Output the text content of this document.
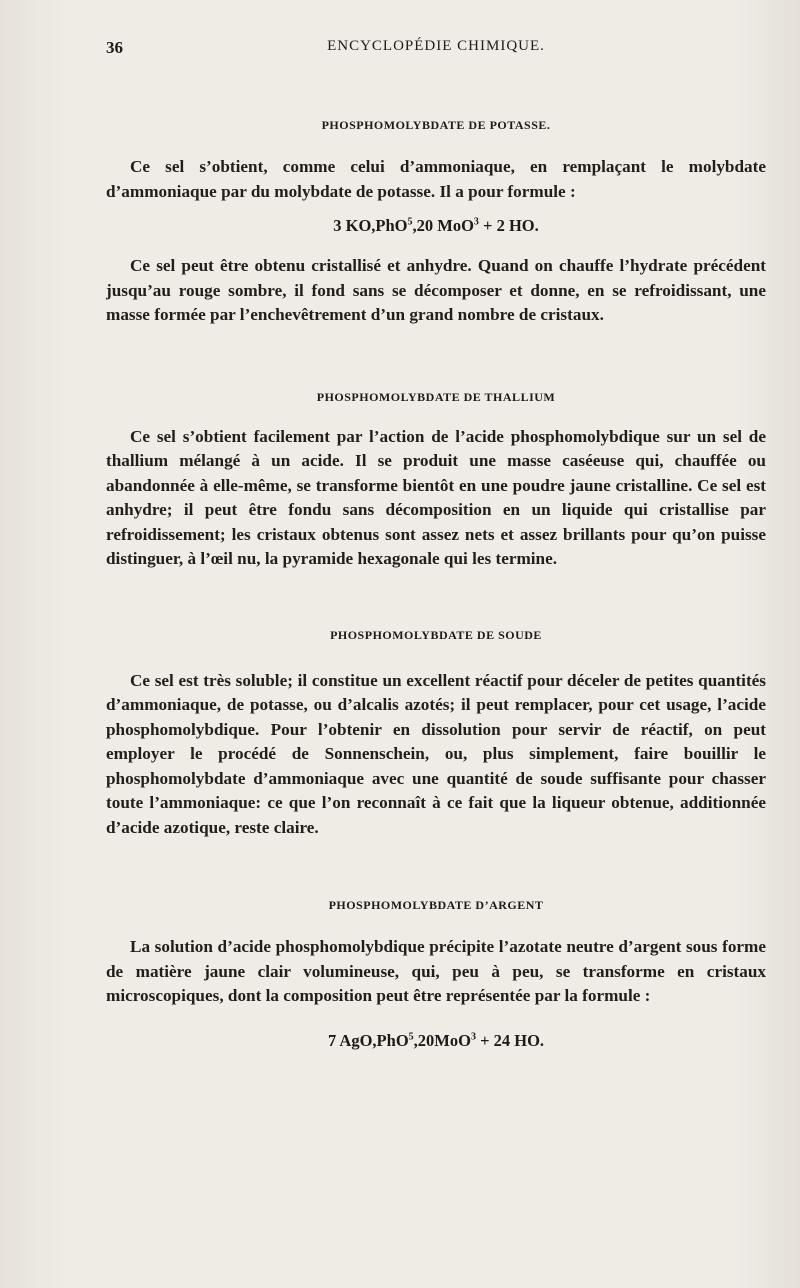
36	ENCYCLOPÉDIE CHIMIQUE.
PHOSPHOMOLYBDATE DE POTASSE.

Ce sel s’obtient, comme celui d’ammoniaque, en remplaçant le molybdate d’ammoniaque par du molybdate de potasse. Il a pour formule :

3 KO,PhO$^5$,20 MoO$^3$ + 2 HO.

Ce sel peut être obtenu cristallisé et anhydre. Quand on chauffe l’hydrate précédent jusqu’au rouge sombre, il fond sans se décomposer et donne, en se refroidissant, une masse formée par l’enchevêtrement d’un grand nombre de cristaux.

PHOSPHOMOLYBDATE DE THALLIUM

Ce sel s’obtient facilement par l’action de l’acide phosphomolybdique sur un sel de thallium mélangé à un acide. Il se produit une masse caséeuse qui, chauffée ou abandonnée à elle-même, se transforme bientôt en une poudre jaune cristalline. Ce sel est anhydre; il peut être fondu sans décomposition en un liquide qui cristallise par refroidissement; les cristaux obtenus sont assez nets et assez brillants pour qu’on puisse distinguer, à l’œil nu, la pyramide hexagonale qui les termine.

PHOSPHOMOLYBDATE DE SOUDE

Ce sel est très soluble; il constitue un excellent réactif pour déceler de petites quantités d’ammoniaque, de potasse, ou d’alcalis azotés; il peut remplacer, pour cet usage, l’acide phosphomolybdique. Pour l’obtenir en dissolution pour servir de réactif, on peut employer le procédé de Sonnenschein, ou, plus simplement, faire bouillir le phosphomolybdate d’ammoniaque avec une quantité de soude suffisante pour chasser toute l’ammoniaque: ce que l’on reconnaît à ce fait que la liqueur obtenue, additionnée d’acide azotique, reste claire.

PHOSPHOMOLYBDATE D’ARGENT

La solution d’acide phosphomolybdique précipite l’azotate neutre d’argent sous forme de matière jaune clair volumineuse, qui, peu à peu, se transforme en cristaux microscopiques, dont la composition peut être représentée par la formule :

7 AgO,PhO$^5$,20MoO$^3$ + 24 HO.
